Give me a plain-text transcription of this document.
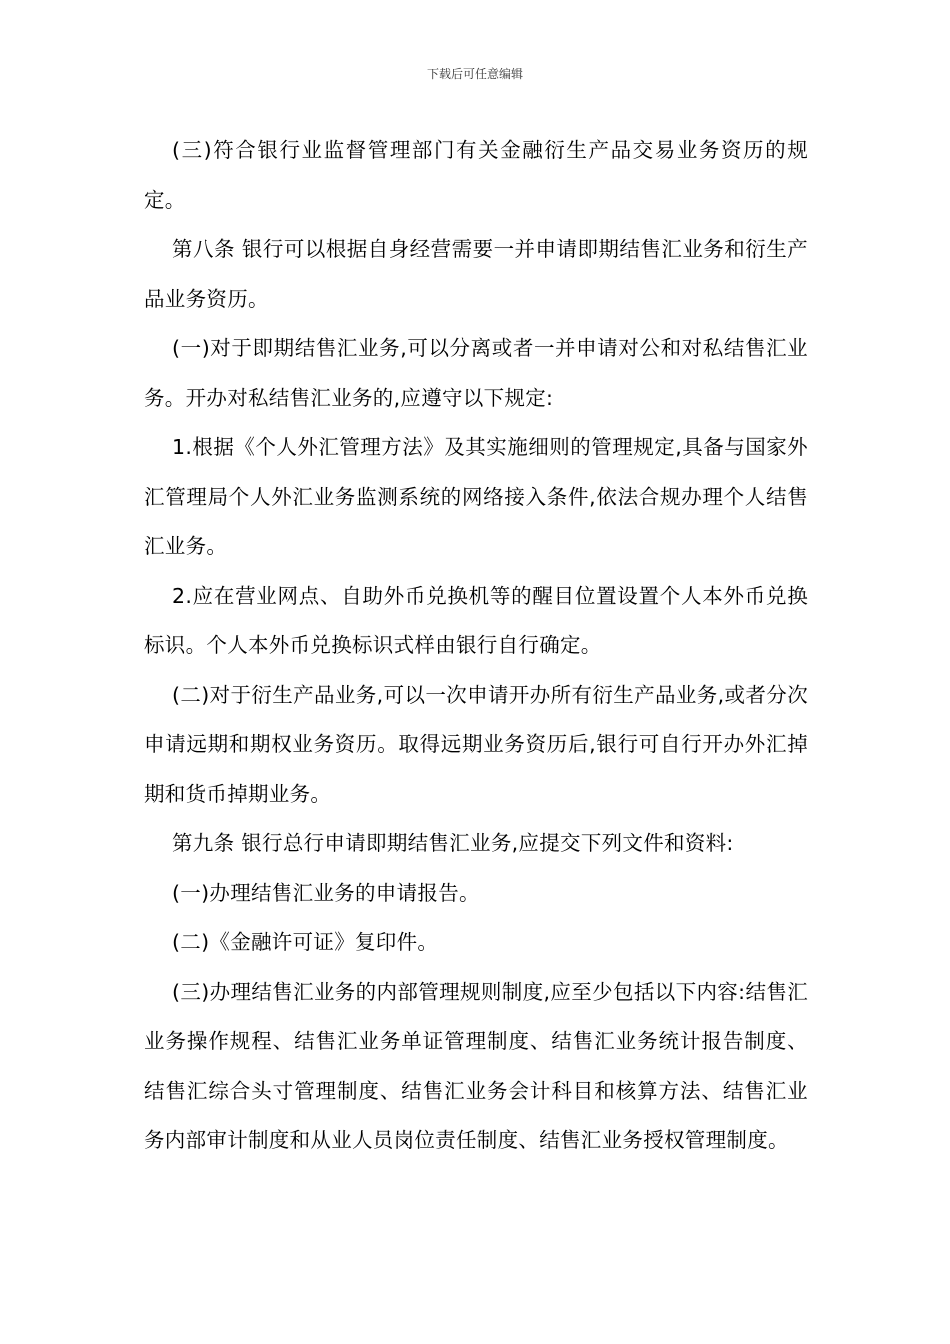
下载后可任意编辑

(三)符合银行业监督管理部门有关金融衍生产品交易业务资历的规定。

第八条 银行可以根据自身经营需要一并申请即期结售汇业务和衍生产品业务资历。

(一)对于即期结售汇业务,可以分离或者一并申请对公和对私结售汇业务。开办对私结售汇业务的,应遵守以下规定:

1.根据《个人外汇管理方法》及其实施细则的管理规定,具备与国家外汇管理局个人外汇业务监测系统的网络接入条件,依法合规办理个人结售汇业务。

2.应在营业网点、自助外币兑换机等的醒目位置设置个人本外币兑换标识。个人本外币兑换标识式样由银行自行确定。

(二)对于衍生产品业务,可以一次申请开办所有衍生产品业务,或者分次申请远期和期权业务资历。取得远期业务资历后,银行可自行开办外汇掉期和货币掉期业务。

第九条 银行总行申请即期结售汇业务,应提交下列文件和资料:

(一)办理结售汇业务的申请报告。

(二)《金融许可证》复印件。

(三)办理结售汇业务的内部管理规则制度,应至少包括以下内容:结售汇业务操作规程、结售汇业务单证管理制度、结售汇业务统计报告制度、结售汇综合头寸管理制度、结售汇业务会计科目和核算方法、结售汇业务内部审计制度和从业人员岗位责任制度、结售汇业务授权管理制度。
